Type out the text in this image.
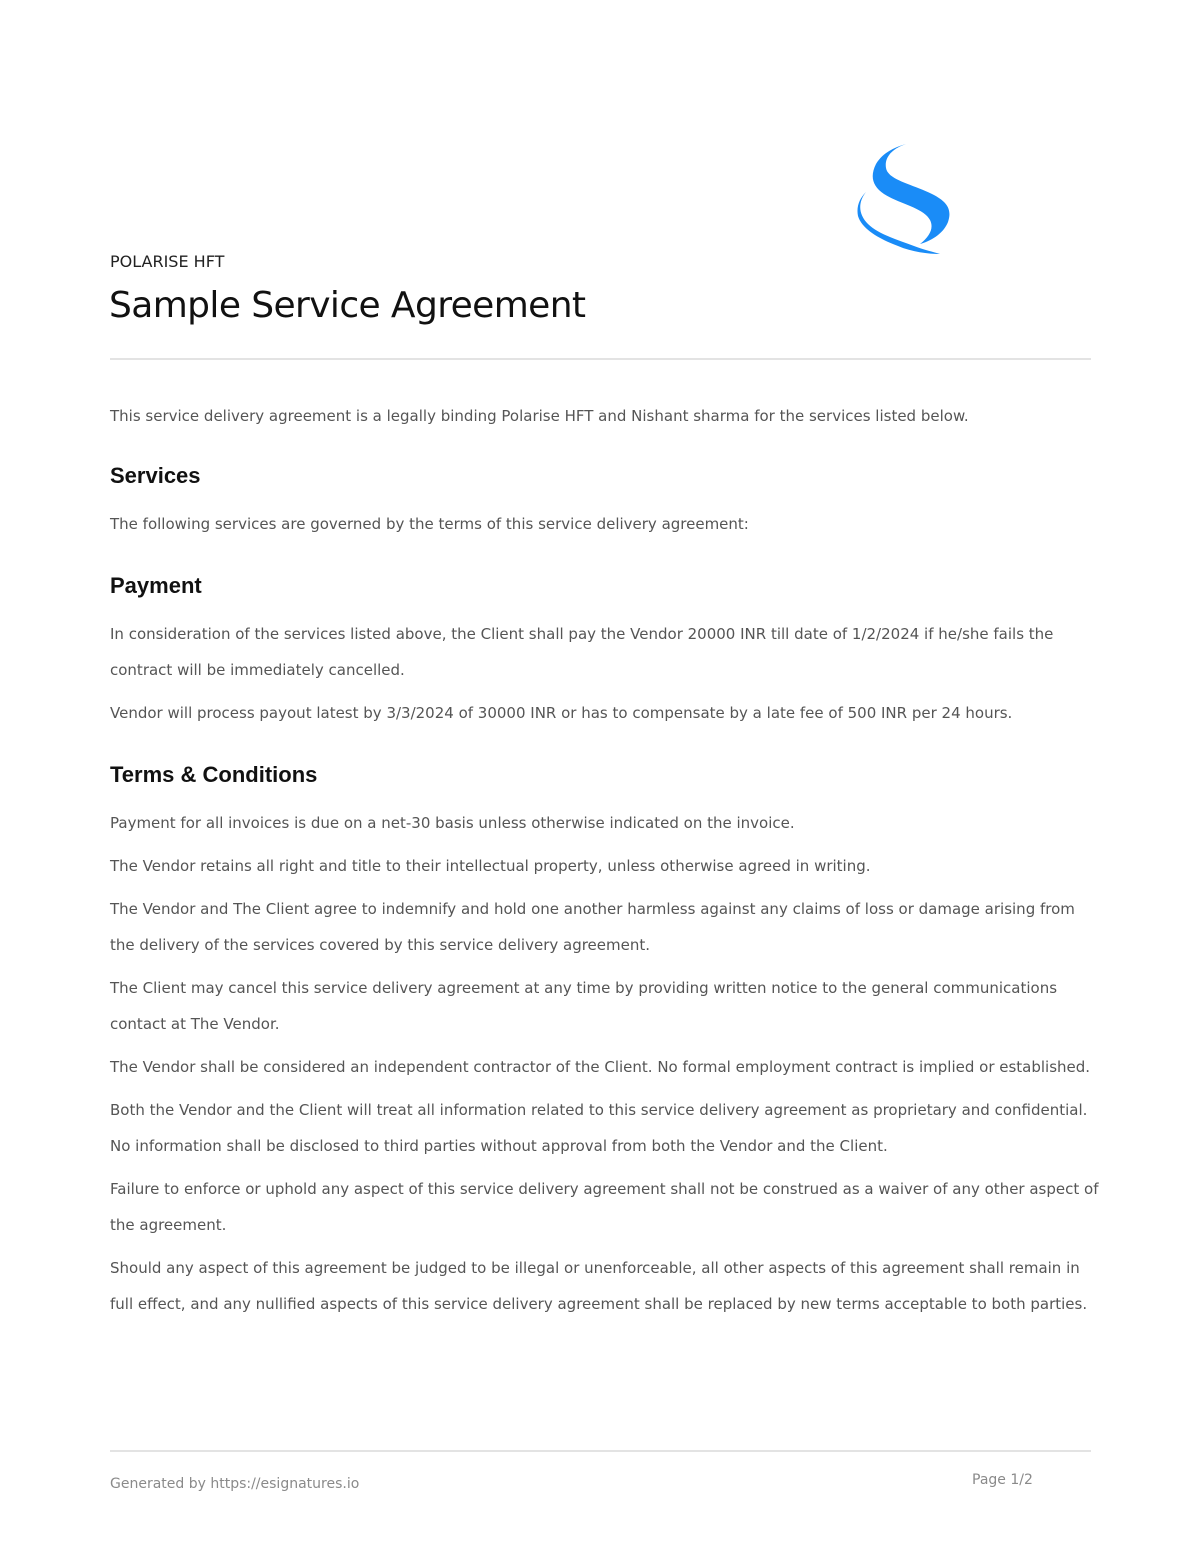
POLARISE HFT
Sample Service Agreement

This service delivery agreement is a legally binding Polarise HFT and Nishant sharma for the services listed below.

Services

The following services are governed by the terms of this service delivery agreement:

Payment

In consideration of the services listed above, the Client shall pay the Vendor 20000 INR till date of 1/2/2024 if he/she fails the contract will be immediately cancelled.

Vendor will process payout latest by 3/3/2024 of 30000 INR or has to compensate by a late fee of 500 INR per 24 hours.

Terms & Conditions

Payment for all invoices is due on a net-30 basis unless otherwise indicated on the invoice.

The Vendor retains all right and title to their intellectual property, unless otherwise agreed in writing.

The Vendor and The Client agree to indemnify and hold one another harmless against any claims of loss or damage arising from the delivery of the services covered by this service delivery agreement.

The Client may cancel this service delivery agreement at any time by providing written notice to the general communications contact at The Vendor.

The Vendor shall be considered an independent contractor of the Client. No formal employment contract is implied or established.

Both the Vendor and the Client will treat all information related to this service delivery agreement as proprietary and confidential. No information shall be disclosed to third parties without approval from both the Vendor and the Client.

Failure to enforce or uphold any aspect of this service delivery agreement shall not be construed as a waiver of any other aspect of the agreement.

Should any aspect of this agreement be judged to be illegal or unenforceable, all other aspects of this agreement shall remain in full effect, and any nullified aspects of this service delivery agreement shall be replaced by new terms acceptable to both parties.

Generated by https://esignatures.io	Page 1/2
